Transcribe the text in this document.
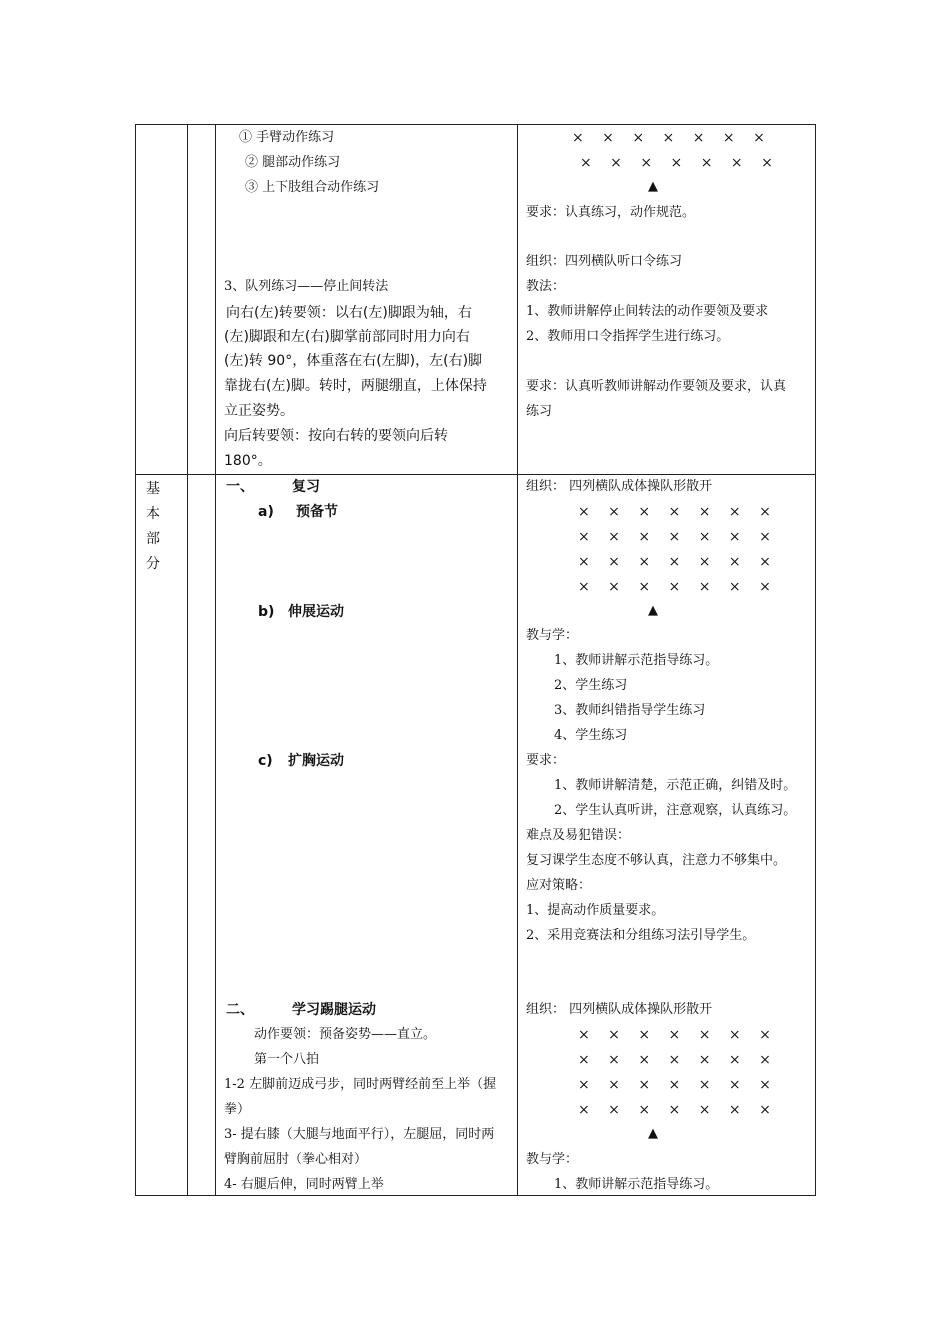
基
本
部
分
① 手臂动作练习
② 腿部动作练习
③ 上下肢组合动作练习
3、队列练习——停止间转法
向右(左)转要领：以右(左)脚跟为轴，右
(左)脚跟和左(右)脚掌前部同时用力向右
(左)转 90°，体重落在右(左脚)，左(右)脚
靠拢右(左)脚。转时，两腿绷直，上体保持
立正姿势。
向后转要领：按向右转的要领向后转
180°。
× × × × × × ×
× × × × × × ×
▲
要求：认真练习，动作规范。
组织：四列横队听口令练习
教法：
1、教师讲解停止间转法的动作要领及要求
2、教师用口令指挥学生进行练习。
要求：认真听教师讲解动作要领及要求，认真
练习
一、	复习
a) 预备节
b) 伸展运动
c) 扩胸运动
二、	学习踢腿运动
动作要领：预备姿势——直立。
第一个八拍
1-2 左脚前迈成弓步，同时两臂经前至上举（握
拳）
3- 提右膝（大腿与地面平行），左腿屈，同时两
臂胸前屈肘（拳心相对）
4- 右腿后伸，同时两臂上举
组织： 四列横队成体操队形散开
× × × × × × ×
× × × × × × ×
× × × × × × ×
× × × × × × ×
▲
教与学：
1、教师讲解示范指导练习。
2、学生练习
3、教师纠错指导学生练习
4、学生练习
要求：
1、教师讲解清楚，示范正确，纠错及时。
2、学生认真听讲，注意观察，认真练习。
难点及易犯错误：
复习课学生态度不够认真，注意力不够集中。
应对策略：
1、提高动作质量要求。
2、采用竞赛法和分组练习法引导学生。
组织： 四列横队成体操队形散开
× × × × × × ×
× × × × × × ×
× × × × × × ×
× × × × × × ×
▲
教与学：
1、教师讲解示范指导练习。
